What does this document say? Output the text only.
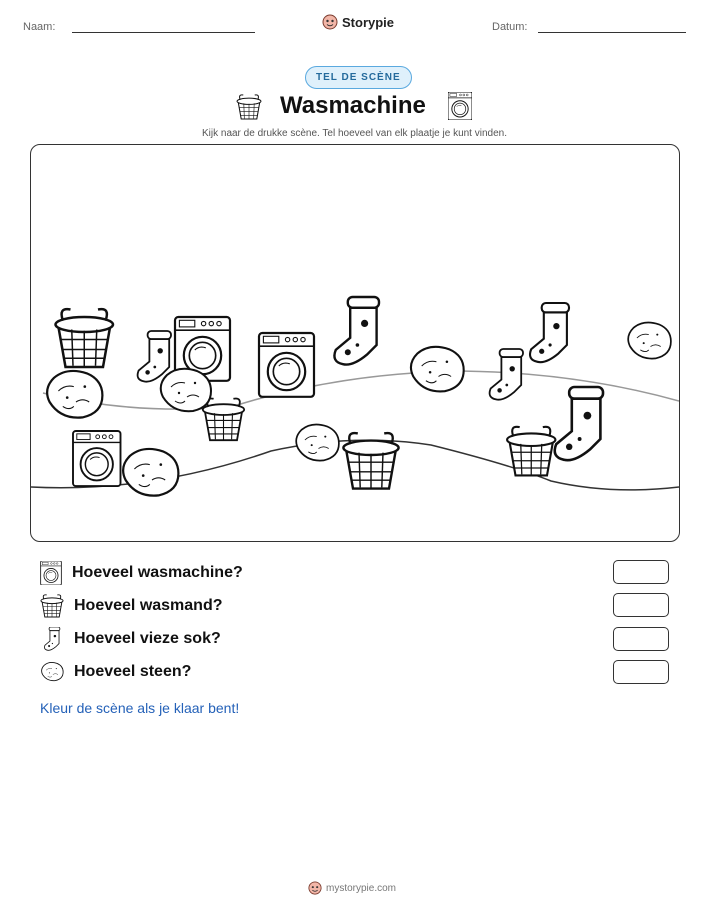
Naam:	Storypie	Datum:
TEL DE SCÈNE
Wasmachine
Kijk naar de drukke scène. Tel hoeveel van elk plaatje je kunt vinden.
Hoeveel wasmachine?
Hoeveel wasmand?
Hoeveel vieze sok?
Hoeveel steen?
Kleur de scène als je klaar bent!
mystorypie.com
